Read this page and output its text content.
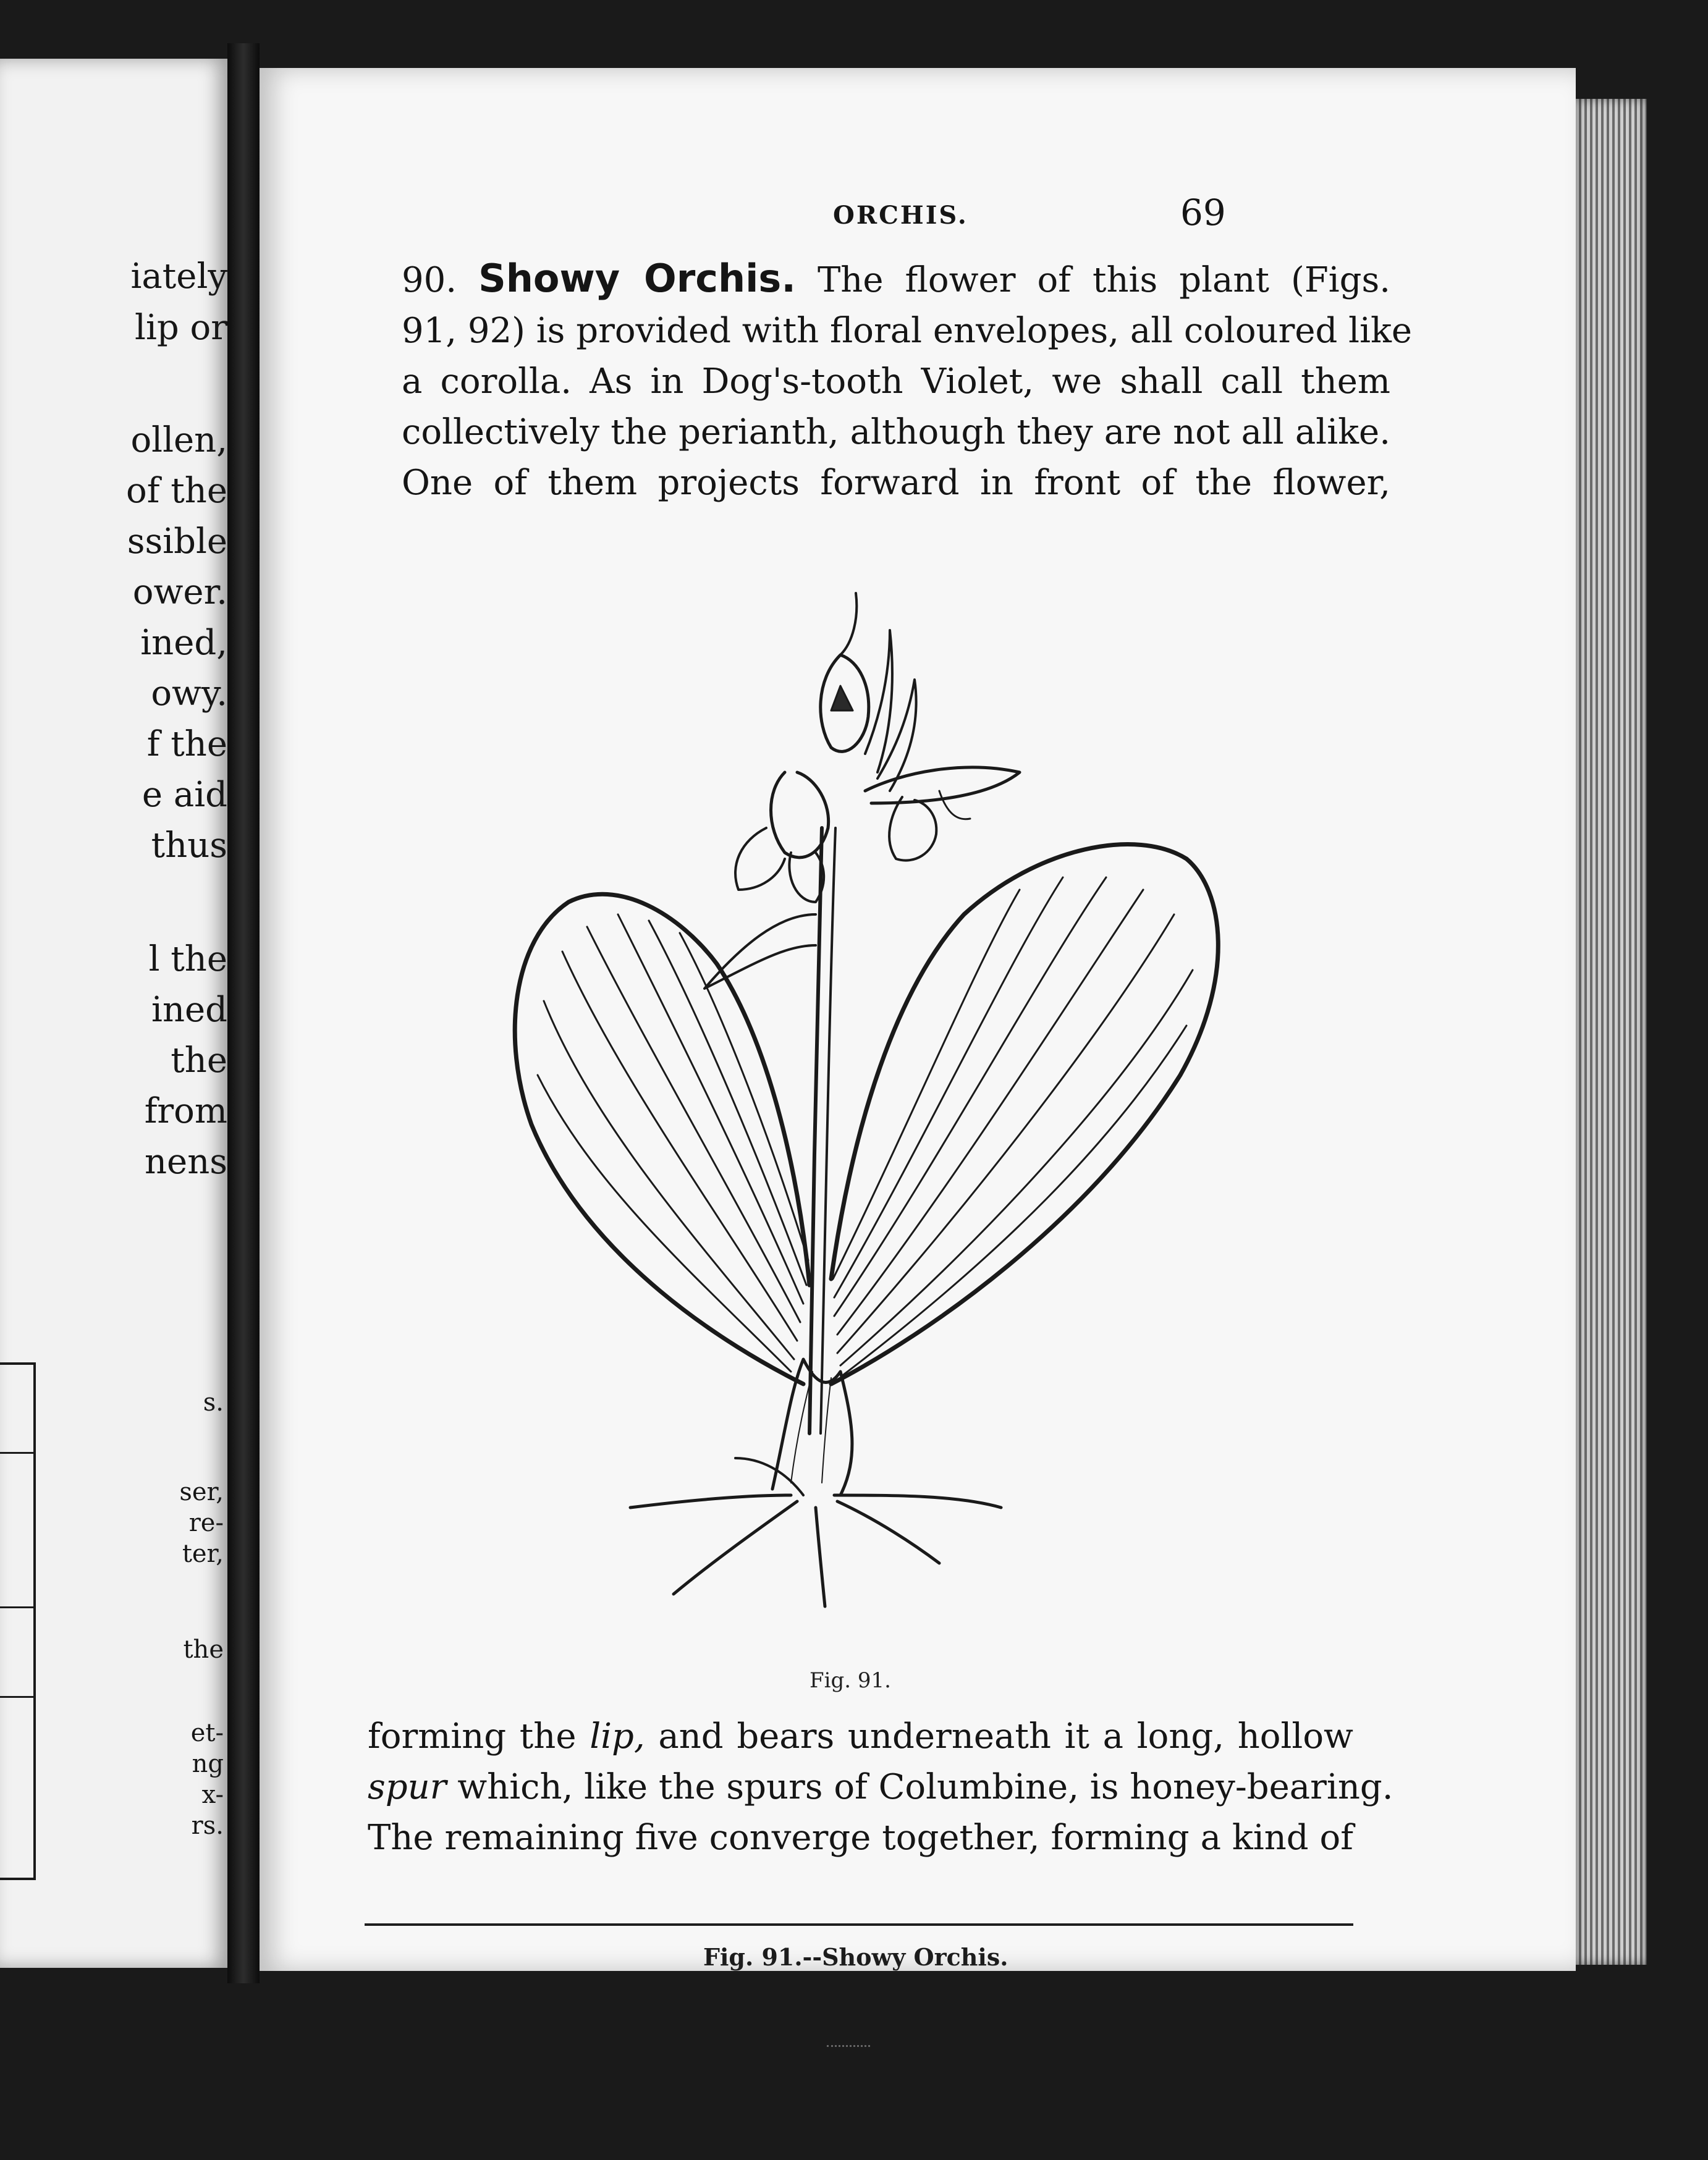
iately
lip or
ollen,
of the
ssible
ower.
ined,
owy.
f the
e aid
thus
l the
ined
the
from
nens
s.
ser,
re-
ter,
the
et-
ng
x-
rs.
ORCHIS.	69
90. Showy Orchis. The flower of this plant (Figs.
91, 92) is provided with floral envelopes, all coloured like
a corolla. As in Dog's-tooth Violet, we shall call them
collectively the perianth, although they are not all alike.
One of them projects forward in front of the flower,
Fig. 91.
forming the lip, and bears underneath it a long, hollow
spur which, like the spurs of Columbine, is honey-bearing.
The remaining five converge together, forming a kind of
Fig. 91.--Showy Orchis.
